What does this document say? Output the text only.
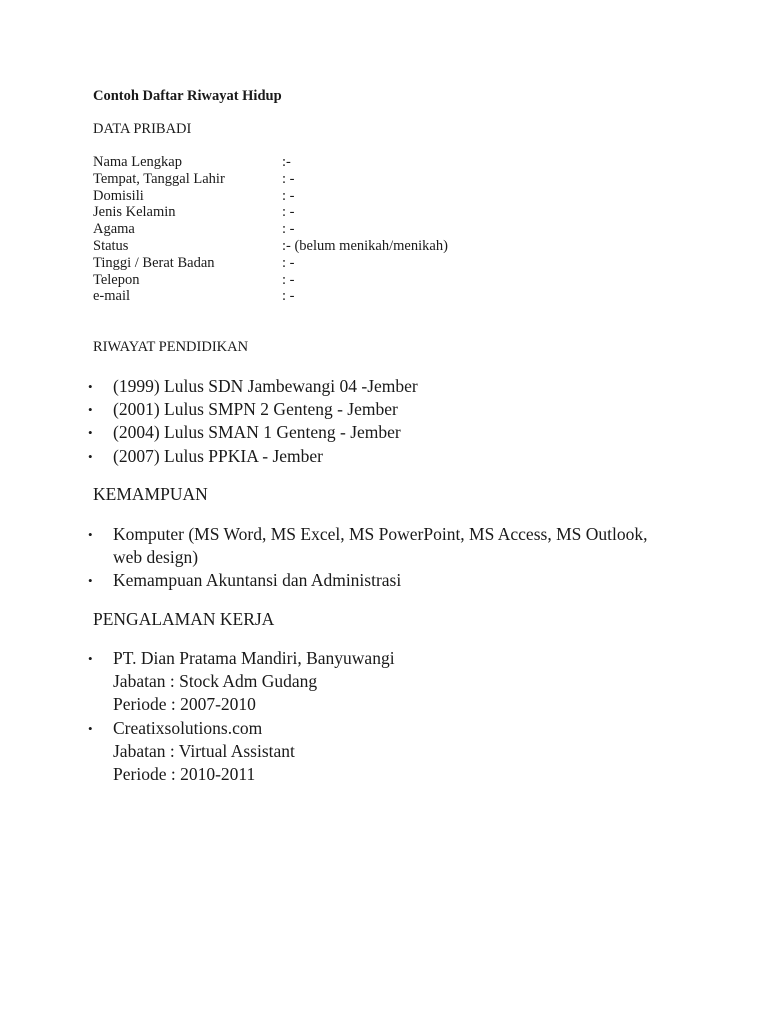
Contoh Daftar Riwayat Hidup
DATA PRIBADI
Nama Lengkap	:-
Tempat, Tanggal Lahir	: -
Domisili	: -
Jenis Kelamin	: -
Agama	: -
Status	:- (belum menikah/menikah)
Tinggi / Berat Badan	: -
Telepon	: -
e-mail	: -
RIWAYAT PENDIDIKAN
• (1999) Lulus SDN Jambewangi 04 -Jember
• (2001) Lulus SMPN 2 Genteng - Jember
• (2004) Lulus SMAN 1 Genteng - Jember
• (2007) Lulus PPKIA - Jember
KEMAMPUAN
• Komputer (MS Word, MS Excel, MS PowerPoint, MS Access, MS Outlook,
web design)
• Kemampuan Akuntansi dan Administrasi
PENGALAMAN KERJA
• PT. Dian Pratama Mandiri, Banyuwangi
Jabatan : Stock Adm Gudang
Periode : 2007-2010
• Creatixsolutions.com
Jabatan : Virtual Assistant
Periode : 2010-2011
